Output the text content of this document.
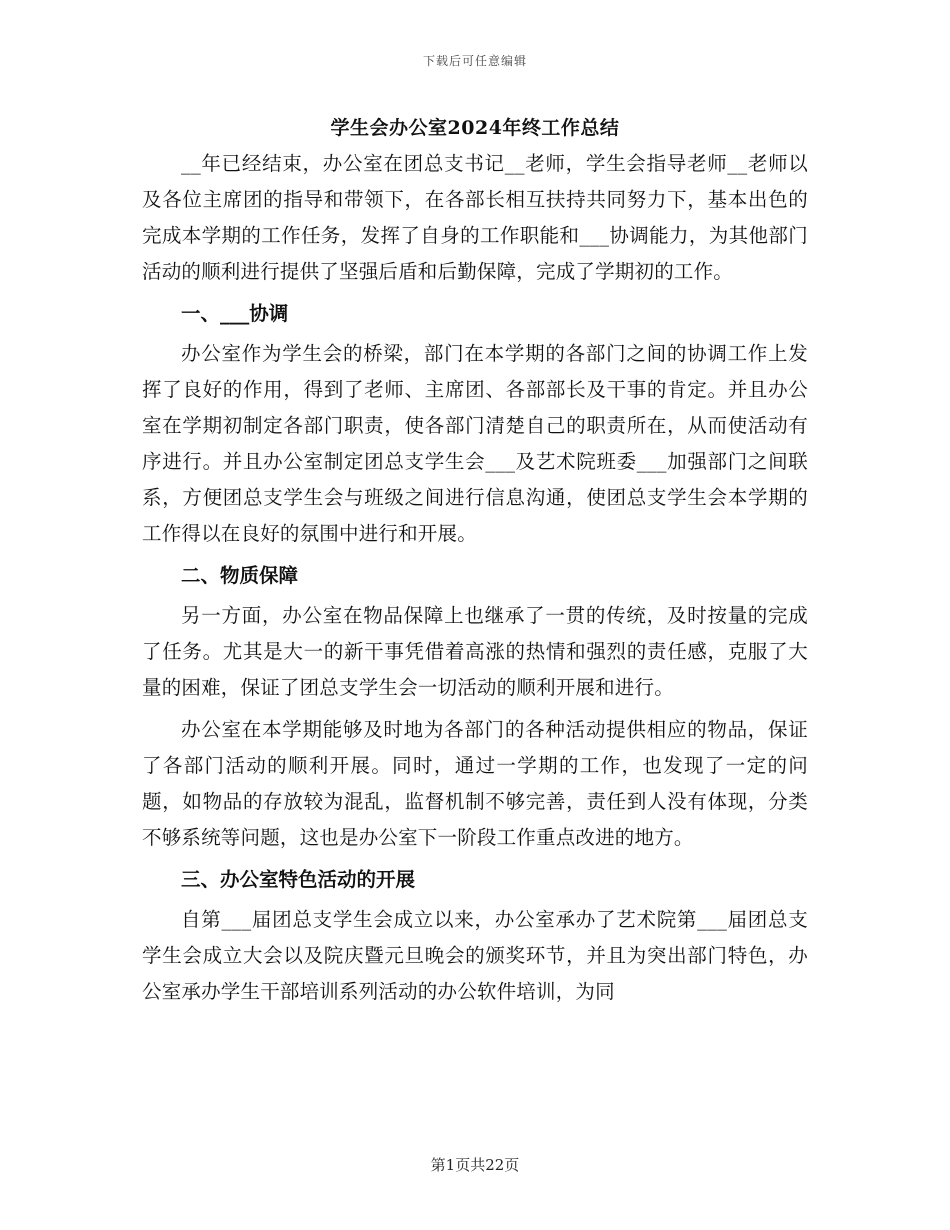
下载后可任意编辑
学生会办公室2024年终工作总结

__年已经结束，办公室在团总支书记__老师，学生会指导老师__老师以及各位主席团的指导和带领下，在各部长相互扶持共同努力下，基本出色的完成本学期的工作任务，发挥了自身的工作职能和___协调能力，为其他部门活动的顺利进行提供了坚强后盾和后勤保障，完成了学期初的工作。

一、___协调

办公室作为学生会的桥梁，部门在本学期的各部门之间的协调工作上发挥了良好的作用，得到了老师、主席团、各部部长及干事的肯定。并且办公室在学期初制定各部门职责，使各部门清楚自己的职责所在，从而使活动有序进行。并且办公室制定团总支学生会___及艺术院班委___加强部门之间联系，方便团总支学生会与班级之间进行信息沟通，使团总支学生会本学期的工作得以在良好的氛围中进行和开展。

二、物质保障

另一方面，办公室在物品保障上也继承了一贯的传统，及时按量的完成了任务。尤其是大一的新干事凭借着高涨的热情和强烈的责任感，克服了大量的困难，保证了团总支学生会一切活动的顺利开展和进行。

办公室在本学期能够及时地为各部门的各种活动提供相应的物品，保证了各部门活动的顺利开展。同时，通过一学期的工作，也发现了一定的问题，如物品的存放较为混乱，监督机制不够完善，责任到人没有体现，分类不够系统等问题，这也是办公室下一阶段工作重点改进的地方。

三、办公室特色活动的开展

自第___届团总支学生会成立以来，办公室承办了艺术院第___届团总支学生会成立大会以及院庆暨元旦晚会的颁奖环节，并且为突出部门特色，办公室承办学生干部培训系列活动的办公软件培训，为同

第1页共22页
